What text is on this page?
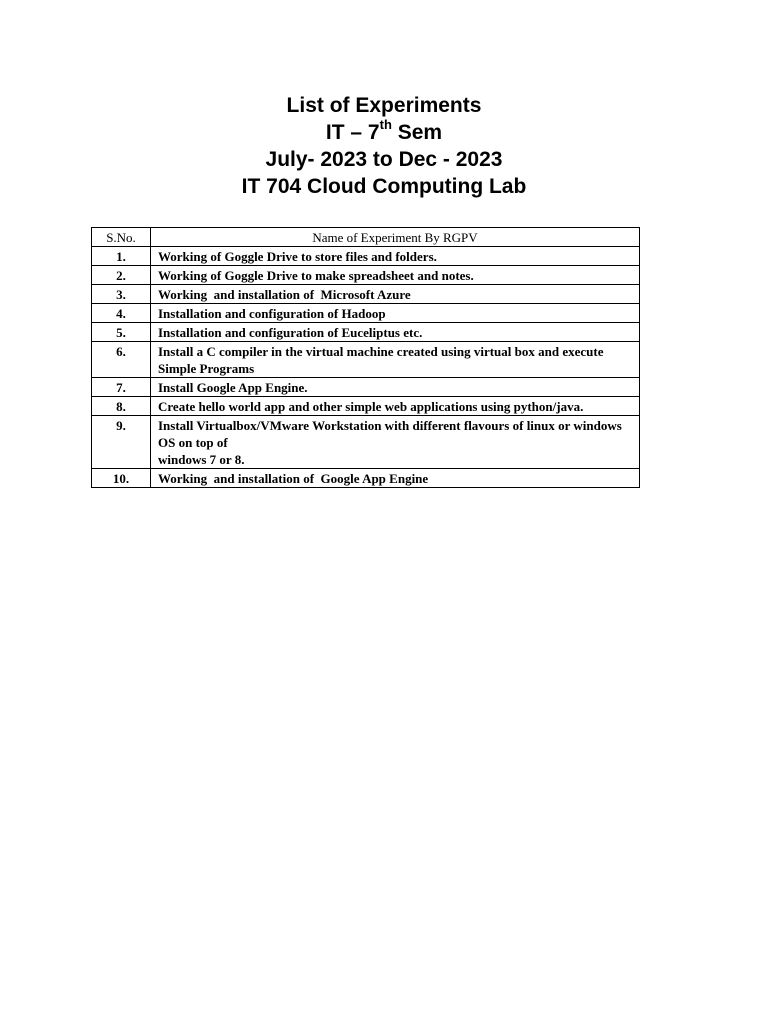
List of Experiments
IT – 7th Sem
July- 2023 to Dec - 2023
IT 704 Cloud Computing Lab
S.No.	Name of Experiment By RGPV
1.	Working of Goggle Drive to store files and folders.

2.	Working of Goggle Drive to make spreadsheet and notes.

3.	Working  and installation of  Microsoft Azure

4.	Installation and configuration of Hadoop

5.	Installation and configuration of Euceliptus etc.

6.	Install a C compiler in the virtual machine created using virtual box and execute Simple Programs

7.	Install Google App Engine.

8.	Create hello world app and other simple web applications using python/java.

9.	Install Virtualbox/VMware Workstation with different flavours of linux or windows OS on top of
windows 7 or 8.

10.	Working  and installation of  Google App Engine
